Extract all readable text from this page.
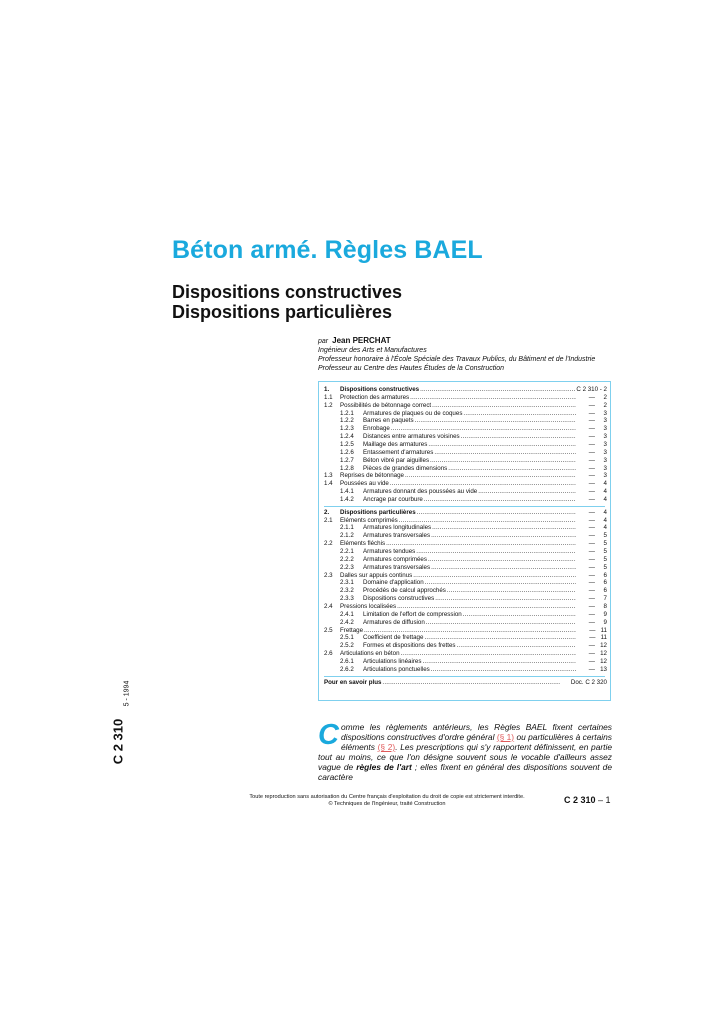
Béton armé. Règles BAEL
Dispositions constructives
Dispositions particulières
par Jean PERCHAT
Ingénieur des Arts et Manufactures
Professeur honoraire à l'École Spéciale des Travaux Publics, du Bâtiment et de l'Industrie
Professeur au Centre des Hautes Études de la Construction
1. Dispositions constructives .....	C 2 310 - 2
1.1 Protection des armatures .....	—     2
1.2 Possibilités de bétonnage correct .....	—     2
1.2.1 Armatures de plaques ou de coques .....	—     3
1.2.2 Barres en paquets .....	—     3
1.2.3 Enrobage .....	—     3
1.2.4 Distances entre armatures voisines .....	—     3
1.2.5 Maillage des armatures .....	—     3
1.2.6 Entassement d'armatures .....	—     3
1.2.7 Béton vibré par aiguilles .....	—     3
1.2.8 Pièces de grandes dimensions .....	—     3
1.3 Reprises de bétonnage .....	—     3
1.4 Poussées au vide .....	—     4
1.4.1 Armatures donnant des poussées au vide .....	—     4
1.4.2 Ancrage par courbure .....	—     4
2. Dispositions particulières .....	—     4
2.1 Éléments comprimés .....	—     4
2.1.1 Armatures longitudinales .....	—     4
2.1.2 Armatures transversales .....	—     5
2.2 Éléments fléchis .....	—     5
2.2.1 Armatures tendues .....	—     5
2.2.2 Armatures comprimées .....	—     5
2.2.3 Armatures transversales .....	—     5
2.3 Dalles sur appuis continus .....	—     6
2.3.1 Domaine d'application .....	—     6
2.3.2 Procédés de calcul approchés .....	—     6
2.3.3 Dispositions constructives .....	—     7
2.4 Pressions localisées .....	—     8
2.4.1 Limitation de l'effort de compression .....	—     9
2.4.2 Armatures de diffusion .....	—     9
2.5 Frettage .....	—   11
2.5.1 Coefficient de frettage .....	—   11
2.5.2 Formes et dispositions des frettes .....	—   12
2.6 Articulations en béton .....	—   12
2.6.1 Articulations linéaires .....	—   12
2.6.2 Articulations ponctuelles .....	—   13
Pour en savoir plus .....	Doc. C 2 320
5 - 1994
C 2 310	Comme les règlements antérieurs, les Règles BAEL fixent certaines dispositions constructives d'ordre général (§ 1) ou particulières à certains éléments (§ 2). Les prescriptions qui s'y rapportent définissent, en partie tout au moins, ce que l'on désigne souvent sous le vocable d'ailleurs assez vague de règles de l'art ; elles fixent en général des dispositions souvent de caractère
Toute reproduction sans autorisation du Centre français d'exploitation du droit de copie est strictement interdite.
© Techniques de l'Ingénieur, traité Construction	C 2 310 – 1
